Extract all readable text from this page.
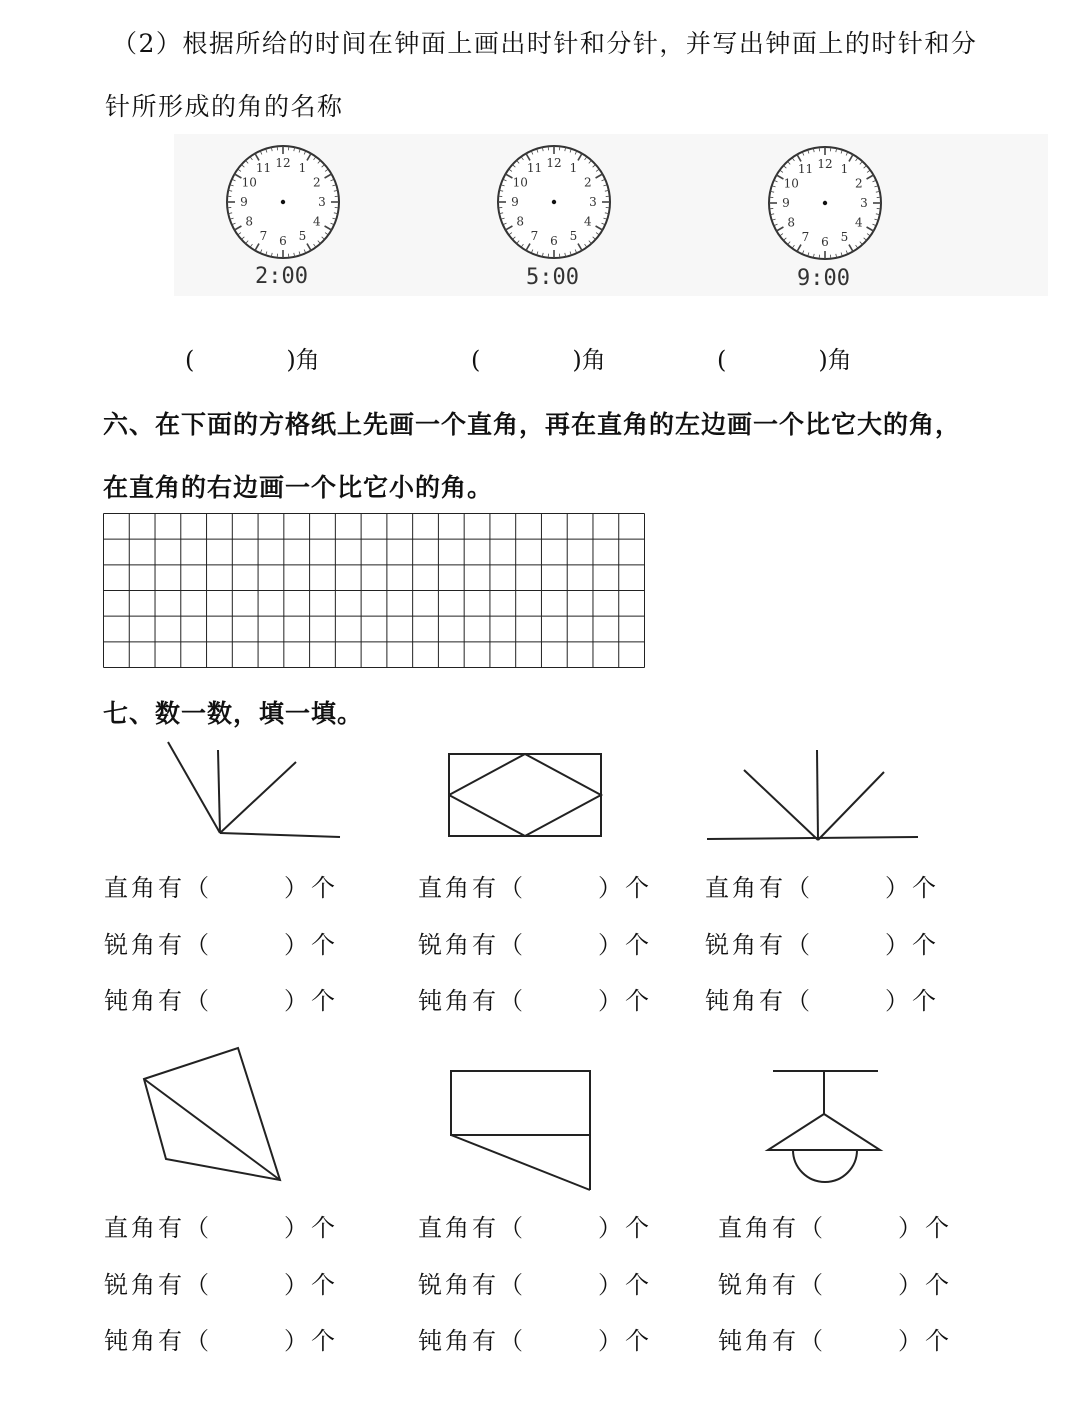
（2）根据所给的时间在钟面上画出时针和分针，并写出钟面上的时针和分
针所形成的角的名称
12 1
2
3
4
5
6
7
8
9
10
11	12 1
2
3
4
5
6
7
8
9
10
11	12 1
2
3
4
5
6
7
8
9
10
11
2:00	5:00	9:00
(	)角	(	)角	(	)角
六、在下面的方格纸上先画一个直角，再在直角的左边画一个比它大的角，
在直角的右边画一个比它小的角。
七、数一数，填一填。
直角有（	）个
锐角有（	）个
钝角有（	）个
直角有（	）个
锐角有（	）个
钝角有（	）个
直角有（	）个
锐角有（	）个
钝角有（	）个
直角有（	）个
锐角有（	）个
钝角有（	）个
直角有（	）个
锐角有（	）个
钝角有（	）个
直角有（	）个
锐角有（	）个
钝角有（	）个
